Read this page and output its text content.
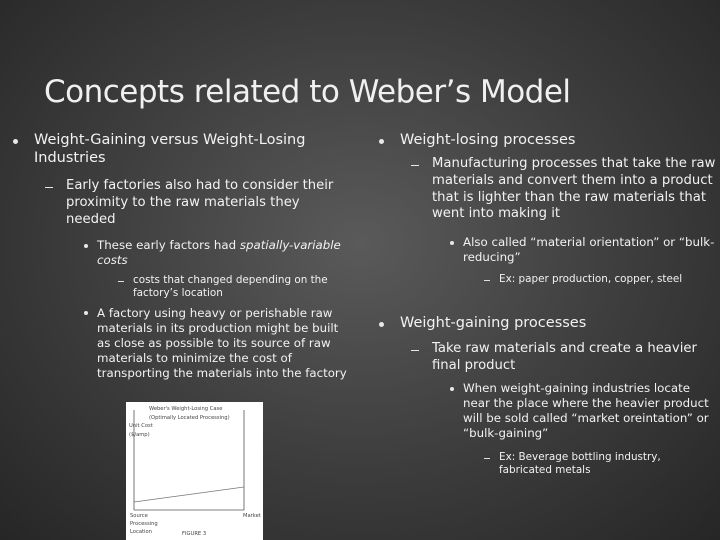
Concepts related to Weber’s Model
Weight-Gaining versus Weight-Losing Industries
Early factories also had to consider their proximity to the raw materials they needed
These early factors had spatially-variable costs
costs that changed depending on the factory’s location
A factory using heavy or perishable raw materials in its production might be built as close as possible to its source of raw materials to minimize the cost of transporting the materials into the factory
Weber's Weight-Losing Case
(Optimally Located Processing)
Unit Cost
($/amp)
Source	Market
Processing
Location	FIGURE 3
Weight-losing processes
Manufacturing processes that take the raw materials and convert them into a product that is lighter than the raw materials that went into making it
Also called “material orientation” or “bulk-reducing”
Ex: paper production, copper, steel
Weight-gaining processes
Take raw materials and create a heavier final product
When weight-gaining industries locate near the place where the heavier product will be sold called “market oreintation” or “bulk-gaining”
Ex: Beverage bottling industry, fabricated metals
